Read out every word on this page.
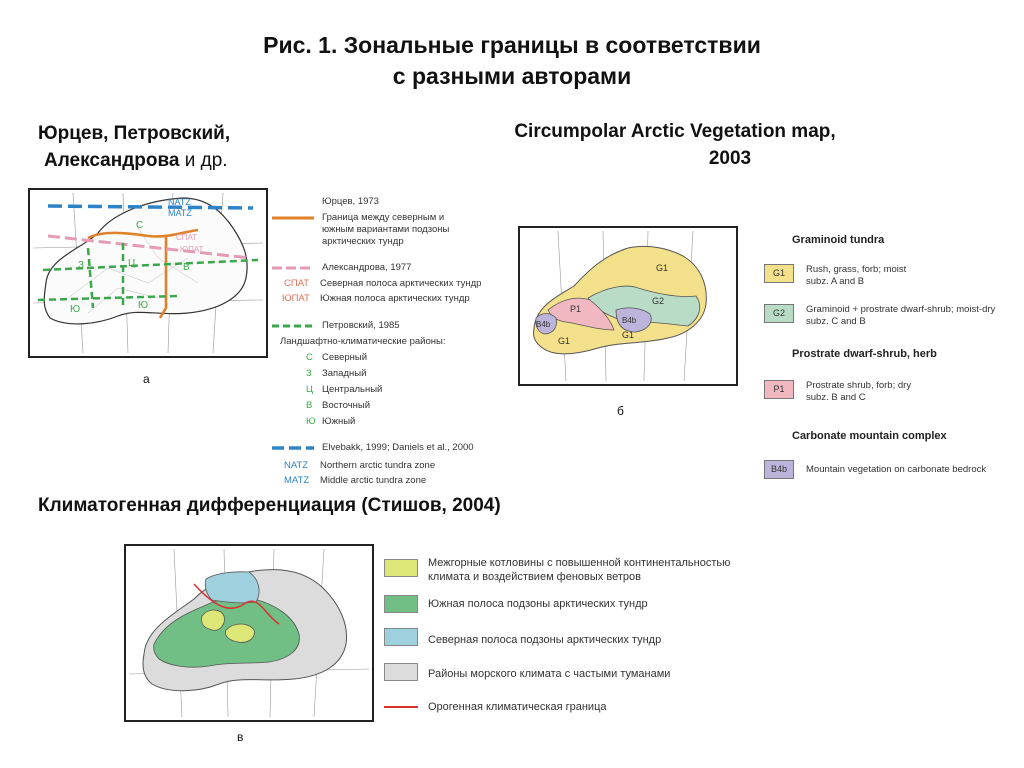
Рис. 1. Зональные границы в соответствии
с разными авторами
Юрцев, Петровский,
Александрова и др.
Circumpolar Arctic Vegetation map,
2003
NATZ
MATZ
СПАТ
ЮПАТ
С
З	Ц	В
Ю	Ю
а
Юрцев, 1973
Граница между северным и
южным вариантами подзоны
арктических тундр
Александрова, 1977
СПАТ Северная полоса арктических тундр
ЮПАТ Южная полоса арктических тундр
Петровский, 1985
Ландшафтно-климатические районы:
С Северный
З Западный
Ц Центральный
В Восточный
Ю Южный
Elvebakk, 1999; Daniels et al., 2000
NATZ Northern arctic tundra zone
MATZ Middle arctic tundra zone
G1
G2
P1
B4b	B4b
G1
G1
б
Graminoid tundra
G1	Rush, grass, forb; moist
subz. A and B
G2	Graminoid + prostrate dwarf-shrub; moist-dry
subz. C and B
Prostrate dwarf-shrub, herb
P1	Prostrate shrub, forb; dry
subz. B and C
Carbonate mountain complex
B4b	Mountain vegetation on carbonate bedrock
Климатогенная дифференциация (Стишов, 2004)
в
Межгорные котловины с повышенной континентальностью
климата и воздействием феновых ветров
Южная полоса подзоны арктических тундр
Северная полоса подзоны арктических тундр
Районы морского климата с частыми туманами
Орогенная климатическая граница
